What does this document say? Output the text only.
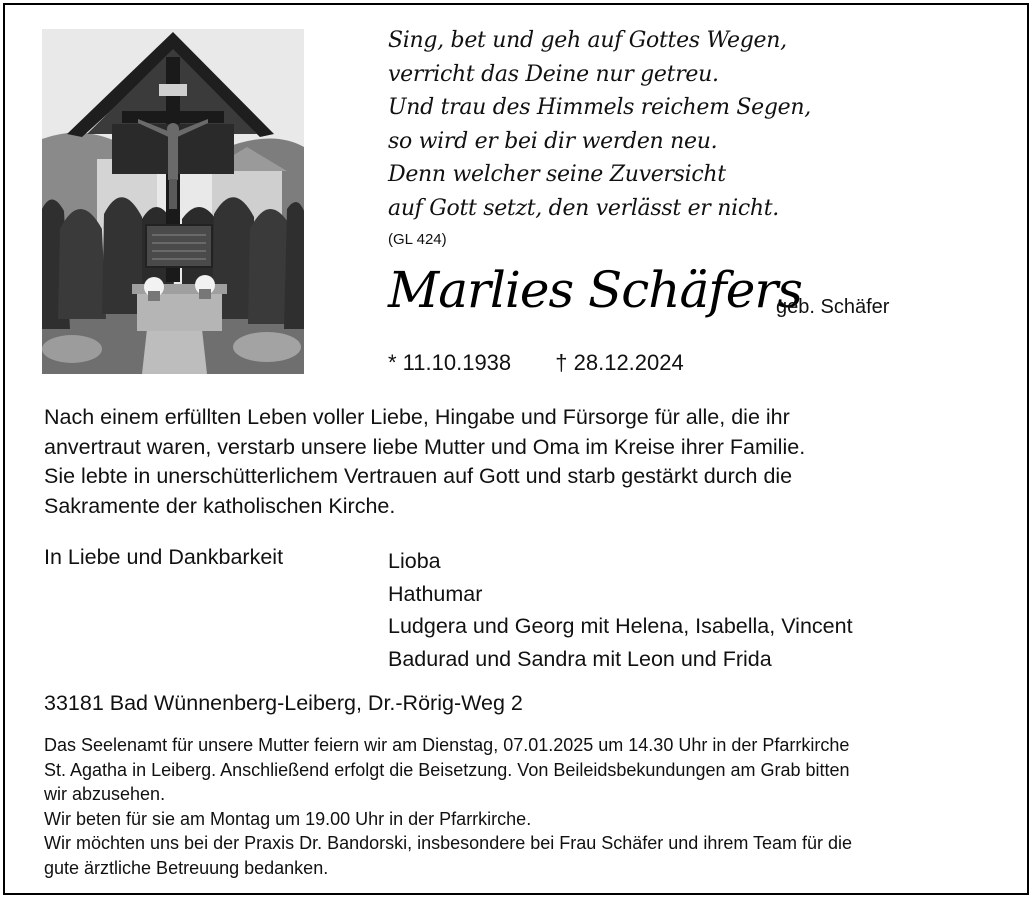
Sing, bet und geh auf Gottes Wegen,
verricht das Deine nur getreu.
Und trau des Himmels reichem Segen,
so wird er bei dir werden neu.
Denn welcher seine Zuversicht
auf Gott setzt, den verlässt er nicht.
(GL 424)
Marlies Schäfers
geb. Schäfer
* 11.10.1938 † 28.12.2024
Nach einem erfüllten Leben voller Liebe, Hingabe und Fürsorge für alle, die ihr
anvertraut waren, verstarb unsere liebe Mutter und Oma im Kreise ihrer Familie.
Sie lebte in unerschütterlichem Vertrauen auf Gott und starb gestärkt durch die
Sakramente der katholischen Kirche.
In Liebe und Dankbarkeit	Lioba
Hathumar
Ludgera und Georg mit Helena, Isabella, Vincent
Badurad und Sandra mit Leon und Frida
33181 Bad Wünnenberg-Leiberg, Dr.-Rörig-Weg 2
Das Seelenamt für unsere Mutter feiern wir am Dienstag, 07.01.2025 um 14.30 Uhr in der Pfarrkirche
St. Agatha in Leiberg. Anschließend erfolgt die Beisetzung. Von Beileidsbekundungen am Grab bitten
wir abzusehen.
Wir beten für sie am Montag um 19.00 Uhr in der Pfarrkirche.
Wir möchten uns bei der Praxis Dr. Bandorski, insbesondere bei Frau Schäfer und ihrem Team für die
gute ärztliche Betreuung bedanken.
